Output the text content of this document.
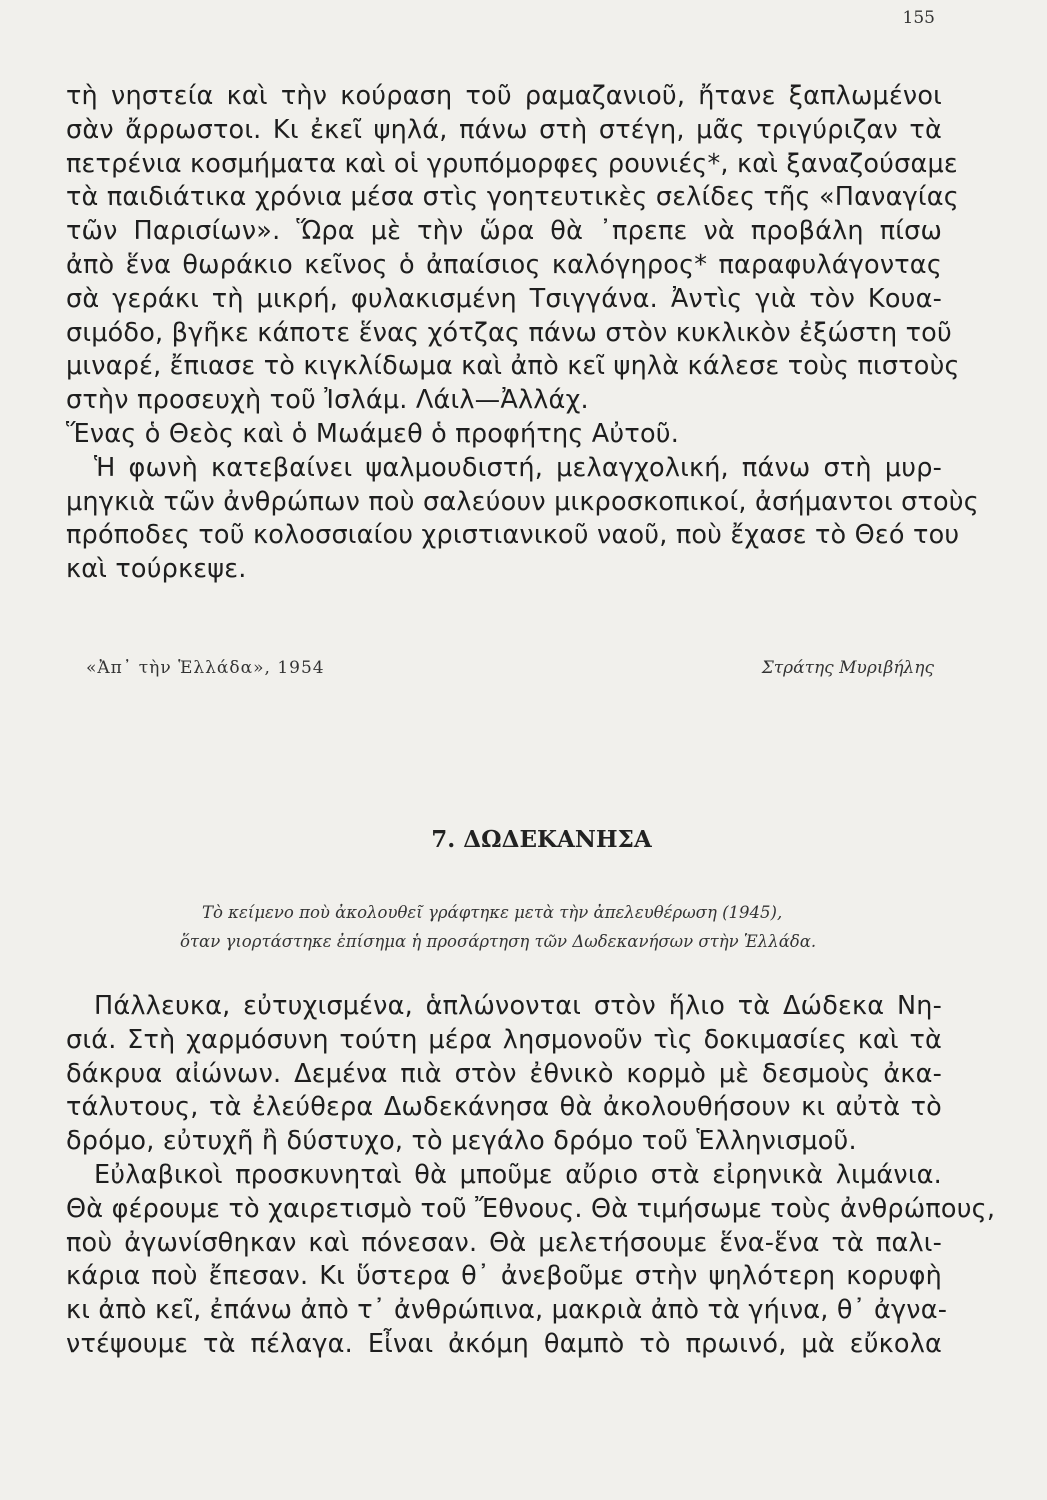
155
τὴ νηστεία καὶ τὴν κούραση τοῦ ραμαζανιοῦ, ἤτανε ξαπλωμένοι
σὰν ἄρρωστοι. Κι ἐκεῖ ψηλά, πάνω στὴ στέγη, μᾶς τριγύριζαν τὰ
πετρένια κοσμήματα καὶ οἱ γρυπόμορφες ρουνιές*, καὶ ξαναζούσαμε
τὰ παιδιάτικα χρόνια μέσα στὶς γοητευτικὲς σελίδες τῆς «Παναγίας
τῶν Παρισίων». Ὥρα μὲ τὴν ὥρα θὰ ᾽πρεπε νὰ προβάλη πίσω
ἀπὸ ἕνα θωράκιο κεῖνος ὁ ἀπαίσιος καλόγηρος* παραφυλάγοντας
σὰ γεράκι τὴ μικρή, φυλακισμένη Τσιγγάνα. Ἀντὶς γιὰ τὸν Κουα-
σιμόδο, βγῆκε κάποτε ἕνας χότζας πάνω στὸν κυκλικὸν ἐξώστη τοῦ
μιναρέ, ἔπιασε τὸ κιγκλίδωμα καὶ ἀπὸ κεῖ ψηλὰ κάλεσε τοὺς πιστοὺς
στὴν προσευχὴ τοῦ Ἰσλάμ. Λάιλ—Ἀλλάχ.
Ἕνας ὁ Θεὸς καὶ ὁ Μωάμεθ ὁ προφήτης Αὐτοῦ.
Ἡ φωνὴ κατεβαίνει ψαλμουδιστή, μελαγχολική, πάνω στὴ μυρ-
μηγκιὰ τῶν ἀνθρώπων ποὺ σαλεύουν μικροσκοπικοί, ἀσήμαντοι στοὺς
πρόποδες τοῦ κολοσσιαίου χριστιανικοῦ ναοῦ, ποὺ ἔχασε τὸ Θεό του
καὶ τούρκεψε.
«Ἀπ᾽ τὴν Ἑλλάδα», 1954	Στράτης Μυριβήλης
7. ΔΩΔΕΚΑΝΗΣΑ
Τὸ κείμενο ποὺ ἀκολουθεῖ γράφτηκε μετὰ τὴν ἀπελευθέρωση (1945),
ὅταν γιορτάστηκε ἐπίσημα ἡ προσάρτηση τῶν Δωδεκανήσων στὴν Ἑλλάδα.
Πάλλευκα, εὐτυχισμένα, ἁπλώνονται στὸν ἥλιο τὰ Δώδεκα Νη-
σιά. Στὴ χαρμόσυνη τούτη μέρα λησμονοῦν τὶς δοκιμασίες καὶ τὰ
δάκρυα αἰώνων. Δεμένα πιὰ στὸν ἐθνικὸ κορμὸ μὲ δεσμοὺς ἀκα-
τάλυτους, τὰ ἐλεύθερα Δωδεκάνησα θὰ ἀκολουθήσουν κι αὐτὰ τὸ
δρόμο, εὐτυχῆ ἢ δύστυχο, τὸ μεγάλο δρόμο τοῦ Ἑλληνισμοῦ.
Εὐλαβικοὶ προσκυνηταὶ θὰ μποῦμε αὔριο στὰ εἰρηνικὰ λιμάνια.
Θὰ φέρουμε τὸ χαιρετισμὸ τοῦ Ἔθνους. Θὰ τιμήσωμε τοὺς ἀνθρώπους,
ποὺ ἀγωνίσθηκαν καὶ πόνεσαν. Θὰ μελετήσουμε ἕνα-ἕνα τὰ παλι-
κάρια ποὺ ἔπεσαν. Κι ὕστερα θ᾽ ἀνεβοῦμε στὴν ψηλότερη κορυφὴ
κι ἀπὸ κεῖ, ἐπάνω ἀπὸ τ᾽ ἀνθρώπινα, μακριὰ ἀπὸ τὰ γήινα, θ᾽ ἀγνα-
ντέψουμε τὰ πέλαγα. Εἶναι ἀκόμη θαμπὸ τὸ πρωινό, μὰ εὔκολα
